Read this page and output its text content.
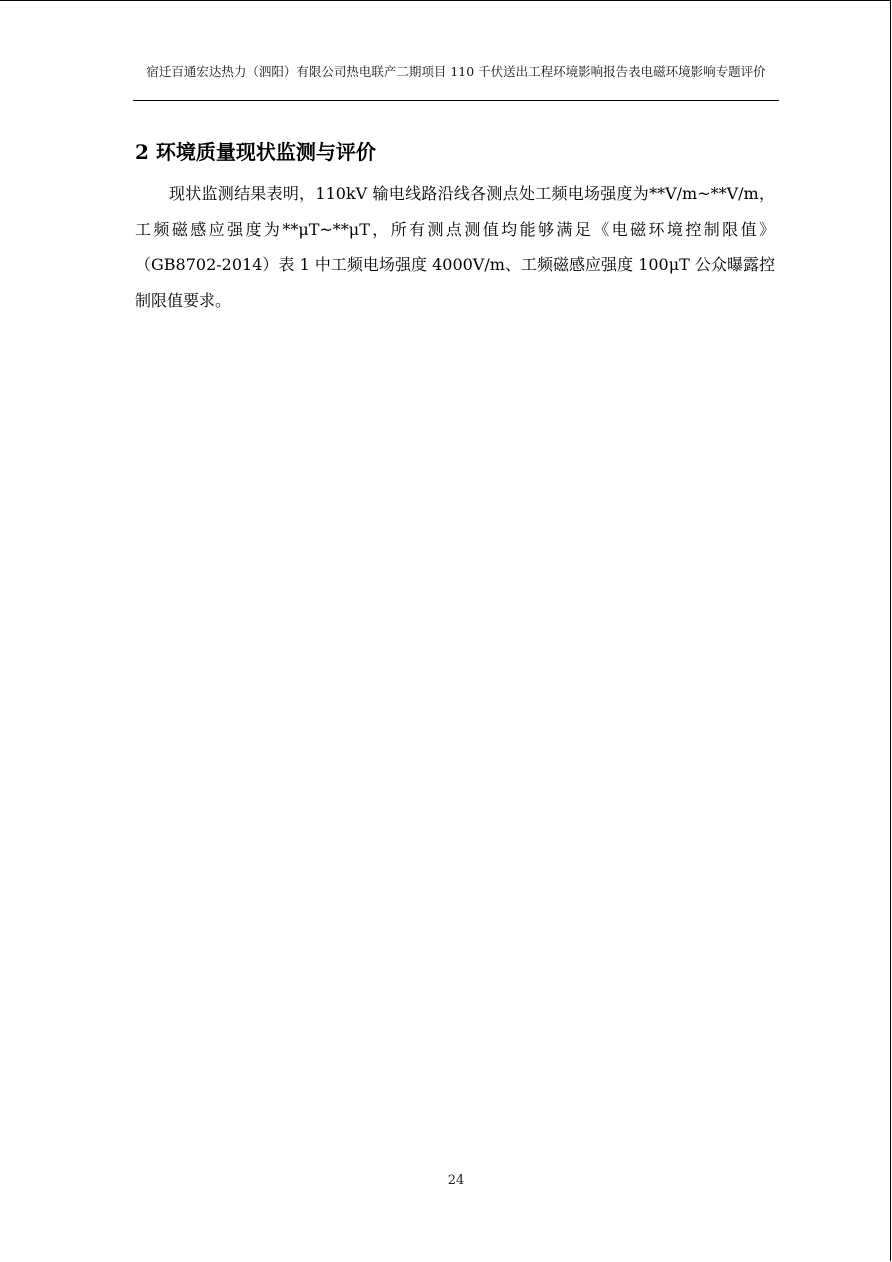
宿迁百通宏达热力（泗阳）有限公司热电联产二期项目 110 千伏送出工程环境影响报告表电磁环境影响专题评价
2 环境质量现状监测与评价

现状监测结果表明，110kV 输电线路沿线各测点处工频电场强度为**V/m~**V/m，工频磁感应强度为**μT~**μT，所有测点测值均能够满足《电磁环境控制限值》（GB8702-2014）表 1 中工频电场强度 4000V/m、工频磁感应强度 100μT 公众曝露控制限值要求。

24
